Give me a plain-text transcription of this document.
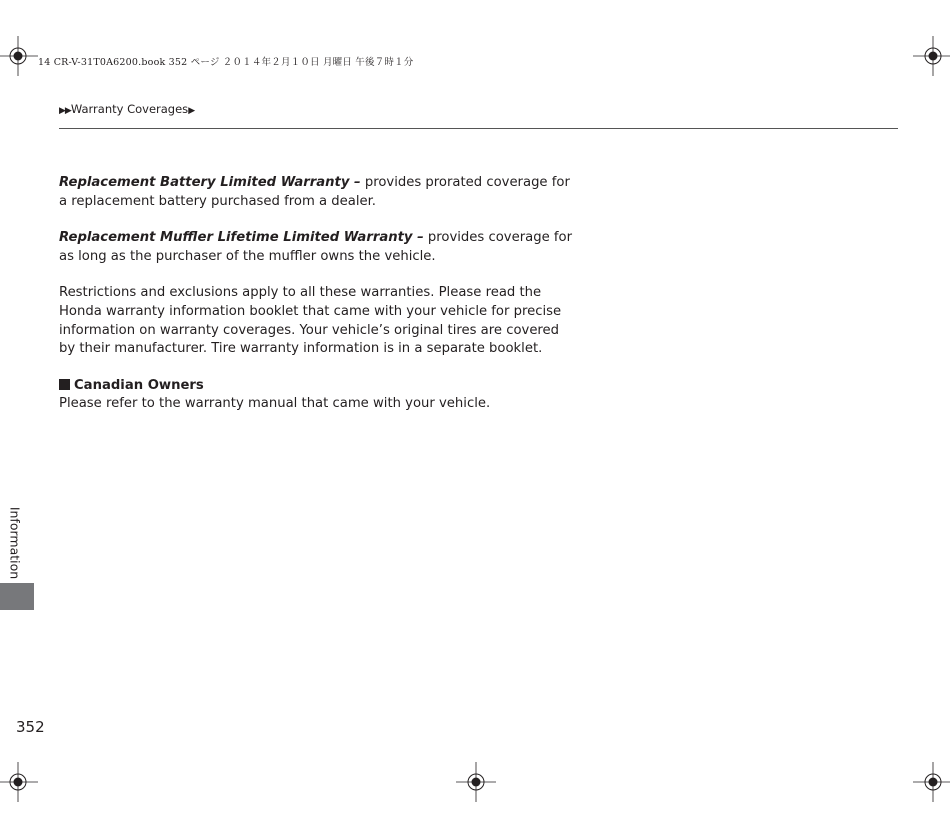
14 CR-V-31T0A6200.book 352 ページ ２０１４年２月１０日 月曜日 午後７時１分

▶▶Warranty Coverages▶

Replacement Battery Limited Warranty – provides prorated coverage for a replacement battery purchased from a dealer.

Replacement Muffler Lifetime Limited Warranty – provides coverage for as long as the purchaser of the muffler owns the vehicle.

Restrictions and exclusions apply to all these warranties. Please read the Honda warranty information booklet that came with your vehicle for precise information on warranty coverages. Your vehicle’s original tires are covered by their manufacturer. Tire warranty information is in a separate booklet.

Canadian Owners

Please refer to the warranty manual that came with your vehicle.

Information

352
